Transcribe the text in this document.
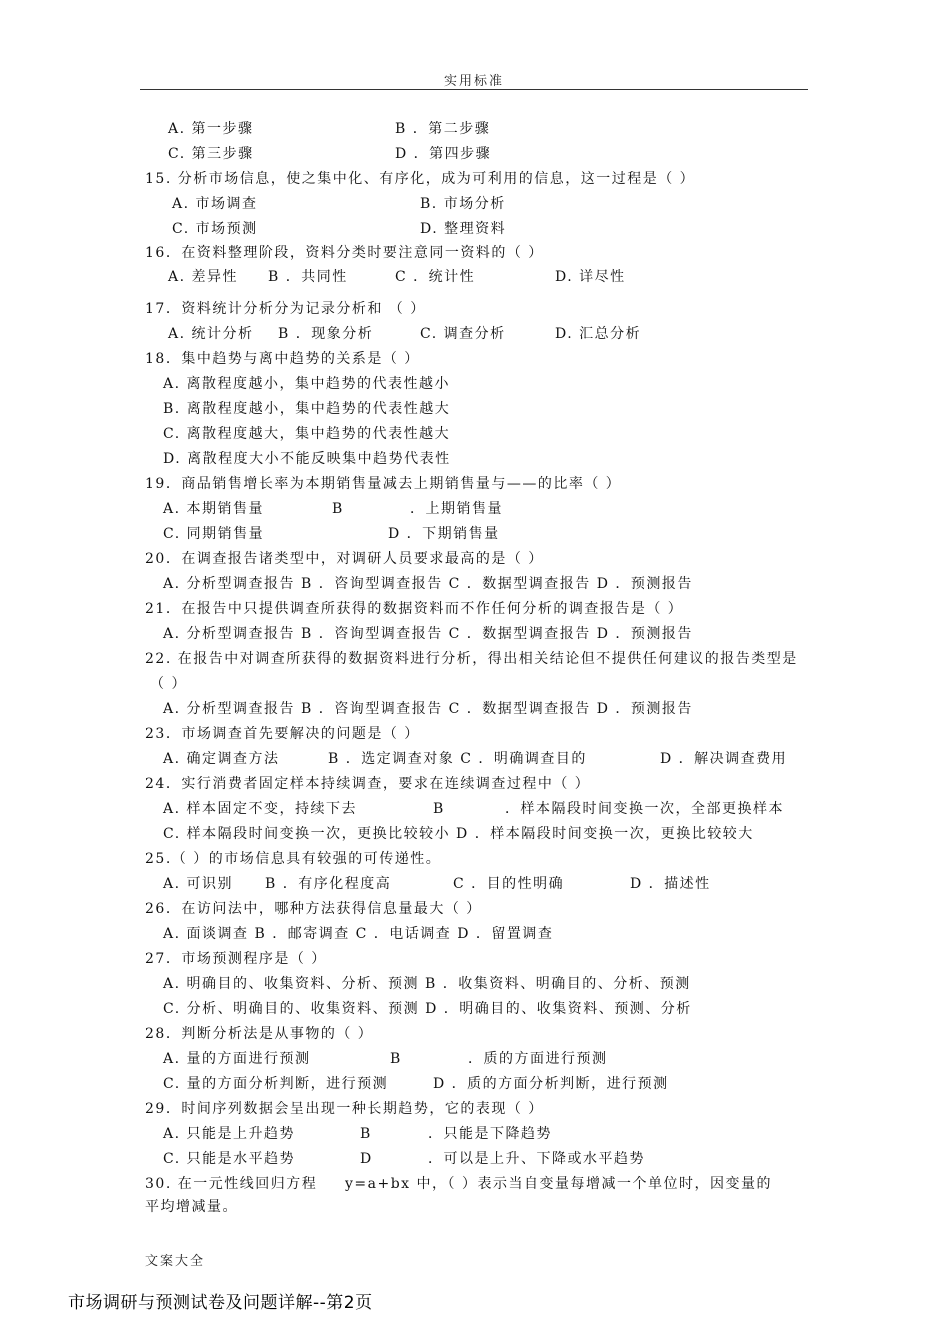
实用标准
A. 第一步骤	B ．第二步骤
C. 第三步骤	D ．第四步骤
15. 分析市场信息，使之集中化、有序化，成为可利用的信息，这一过程是（ ）
A. 市场调查	B. 市场分析
C. 市场预测	D. 整理资料
16．在资料整理阶段，资料分类时要注意同一资料的（ ）
A. 差异性 B ．共同性	C ．统计性	D. 详尽性
17．资料统计分析分为记录分析和 （ ）
A. 统计分析 B ．现象分析	C. 调查分析	D. 汇总分析
18．集中趋势与离中趋势的关系是（ ）
A. 离散程度越小，集中趋势的代表性越小
B. 离散程度越小，集中趋势的代表性越大
C. 离散程度越大，集中趋势的代表性越大
D. 离散程度大小不能反映集中趋势代表性
19．商品销售增长率为本期销售量减去上期销售量与——的比率（ ）
A. 本期销售量	B	．上期销售量
C. 同期销售量	D ．下期销售量
20．在调查报告诸类型中，对调研人员要求最高的是（ ）
A. 分析型调查报告 B ．咨询型调查报告 C ．数据型调查报告 D ．预测报告
21．在报告中只提供调查所获得的数据资料而不作任何分析的调查报告是（ ）
A. 分析型调查报告 B ．咨询型调查报告 C ．数据型调查报告 D ．预测报告
22. 在报告中对调查所获得的数据资料进行分析，得出相关结论但不提供任何建议的报告类型是
（ ）
A. 分析型调查报告 B ．咨询型调查报告 C ．数据型调查报告 D ．预测报告
23．市场调查首先要解决的问题是（ ）
A. 确定调查方法	B ．选定调查对象 C ．明确调查目的	D ．解决调查费用
24．实行消费者固定样本持续调查，要求在连续调查过程中（ ）
A. 样本固定不变，持续下去	B	．样本隔段时间变换一次，全部更换样本
C. 样本隔段时间变换一次，更换比较较小 D ．样本隔段时间变换一次，更换比较较大
25.（ ）的市场信息具有较强的可传递性。
A. 可识别 B ．有序化程度高	C ．目的性明确	D ．描述性
26．在访问法中，哪种方法获得信息量最大（ ）
A. 面谈调查 B ．邮寄调查 C ．电话调查 D ．留置调查
27．市场预测程序是（ ）
A. 明确目的、收集资料、分析、预测 B ．收集资料、明确目的、分析、预测
C. 分析、明确目的、收集资料、预测 D ．明确目的、收集资料、预测、分析
28．判断分析法是从事物的（ ）
A. 量的方面进行预测	B	．质的方面进行预测
C. 量的方面分析判断，进行预测	D ．质的方面分析判断，进行预测
29．时间序列数据会呈出现一种长期趋势，它的表现（ ）
A. 只能是上升趋势	B	．只能是下降趋势
C. 只能是水平趋势	D	．可以是上升、下降或水平趋势
30. 在一元性线回归方程 y=a+bx 中，（ ）表示当自变量每增减一个单位时，因变量的
平均增减量。
文案大全
市场调研与预测试卷及问题详解--第2页
